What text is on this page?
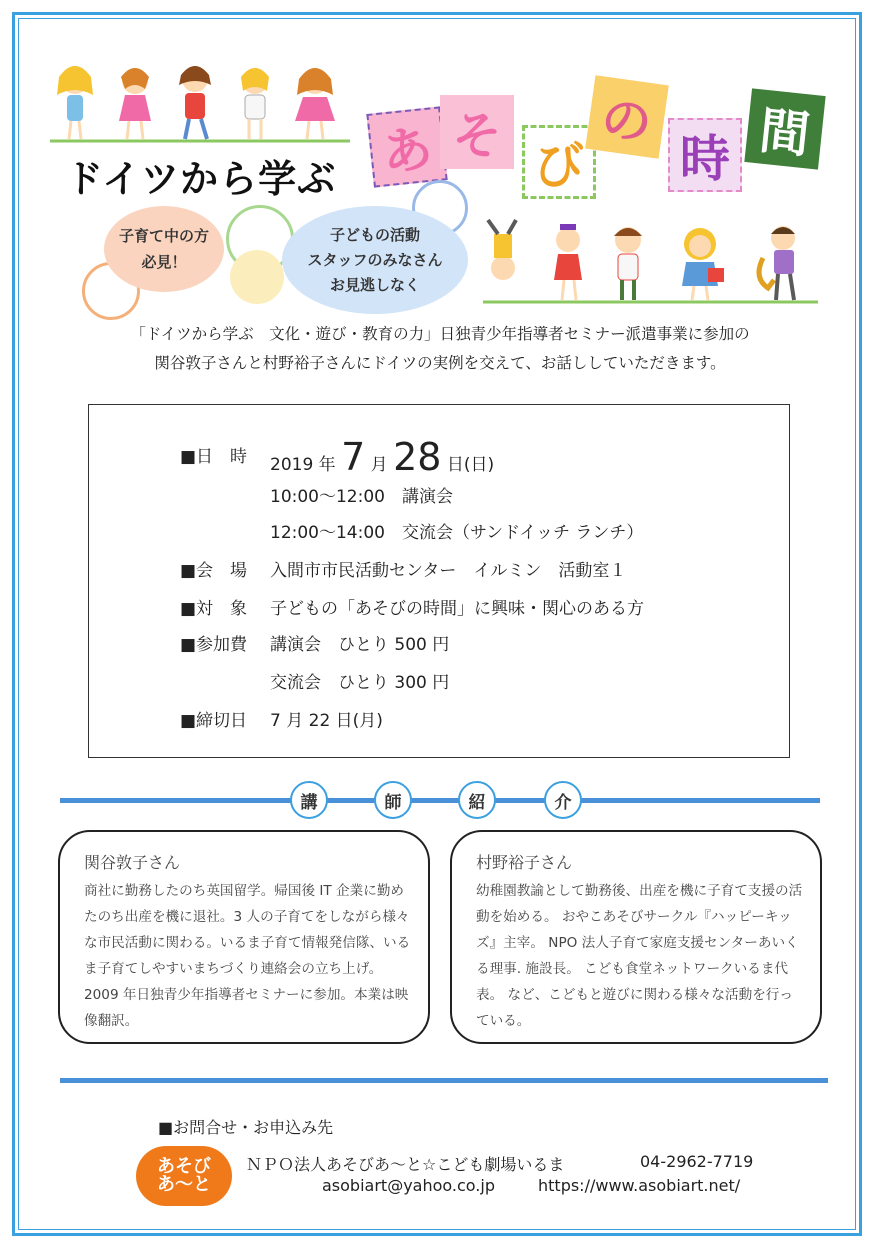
ドイツから学ぶ あ そ
び
の
時 間
子育て中の方
必見！
子どもの活動
スタッフのみなさん
お見逃しなく
「ドイツから学ぶ　文化・遊び・教育の力」日独青少年指導者セミナー派遣事業に参加の
関谷敦子さんと村野裕子さんにドイツの実例を交えて、お話ししていただきます。
■日　時 2019 年 7 月 28 日(日)
10:00～12:00　講演会
12:00～14:00　交流会（サンドイッチ ランチ）
■会　場 入間市市民活動センター　イルミン　活動室１
■対　象 子どもの「あそびの時間」に興味・関心のある方
■参加費 講演会　ひとり 500 円
交流会　ひとり 300 円
■締切日 7 月 22 日(月)
講	師	紹	介
関谷敦子さん
商社に勤務したのち英国留学。帰国後 IT 企業に勤めたのち出産を機に退社。3 人の子育てをしながら様々な市民活動に関わる。いるま子育て情報発信隊、いるま子育てしやすいまちづくり連絡会の立ち上げ。2009 年日独青少年指導者セミナーに参加。本業は映像翻訳。
村野裕子さん
幼稚園教諭として勤務後、出産を機に子育て支援の活動を始める。 おやこあそびサークル『ハッピーキッズ』主宰。 NPO 法人子育て家庭支援センターあいくる理事. 施設長。 こども食堂ネットワークいるま代表。 など、こどもと遊びに関わる様々な活動を行っている。
■お問合せ・お申込み先
あそび
あ～と
ＮＰＯ法人あそびあ～と☆こども劇場いるま	04-2962-7719
asobiart@yahoo.co.jp	https://www.asobiart.net/
